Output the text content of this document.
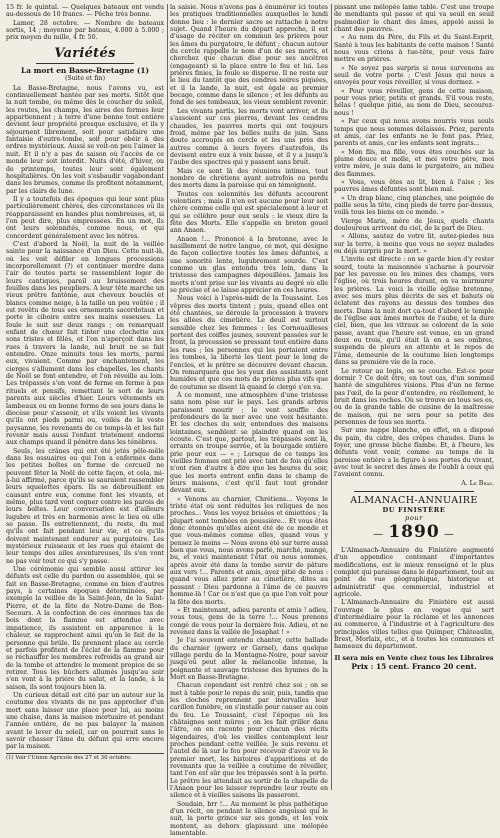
15 fr. le quintal. — Quelques bateaux ont vendu au-dessous de 10 francs. — Pêche très bonne.

Lamor, 28 octobre. — Nombre de bateaux sortis, 14 ; moyenne par bateau, 4.000 à 5.000 ; prix moyen du mille, 4 fr. 50.

Variétés
La mort en Basse-Bretagne (1)
(Suite et fin)

La Basse-Bretagne, nous l'avons vu, est continuellement hantée par ses morts. Sitôt que la nuit tombe, ou même dès le coucher du soleil, les routes, les champs, les aires des fermes leur appartiennent ; à terre d'une bonne tout entière devient leur propriété presque exclusive, et ils y séjournent librement, soit pour satisfaire une fantaisie d'outre-tombe, soit pour obéir à des ordres mystérieux. Aussi se voit-on peu l'aimer la nuit. Et il n'y a pas de saison où l'accès de ce monde leur soit interdit. Nuits d'été, d'hiver, ou de printemps, toutes leur sont également hospitalières. On les voit s'esbaudir vagabondant dans les brumes, comme ils profitent notamment, par les clairs de lune.

Il y a toutefois des époques qui leur sont plus particulièrement chères, des circonstances où ils réapparaissent en bandes plus nombreuses, et, si l'on peut dire, plus empressées. En un mot, ils ont leurs solennités, comme nous, et qui concordent généralement avec les nôtres.

C'est d'abord la Noël, la nuit de la veillée sainte pour la naissance d'un Dieu. Cette nuit-là, où les voit défiler en longues processions incorporellement (?) et continuer mordre dans l'air de toutes parts se rassemblent loger de leurs cantiques, pareil au bruissement des feuilles dans les peupliers. A leur tête marche un vieux prêtre fantôme, aux cheveux bouclés et blancs comme neige, à la taille un peu voûtée ; il est revêtu de tous ses ornements sacerdotaux et porte le ciboire entre ses mains osseuses. La foule le suit sur deux rangs ; on remarquait enfant de chœur fait tinter une clochette aux sons tristes et fêlés, et l'on n'aperçoit dans les rues à travers la lande, nul bruit ne se fait entendre. Onze minuits tous les morts, parmi eux, vivaient. Comme par enchantement, les cierges s'allument dans les chapelles, les chants de Noël se font entendre, et l'on réveille au loin. Les trépassés s'en vont de ferme en ferme à pas rituels et pensifs, remettant le sort de leurs parents aux siècles d'hier. Leurs vêtements en lambeaux ou en bonne forme de ses jours dans le diocèse pour s'asseoir, et s'ils voient les vivants qu'ils ont pieds parmi ou, voilés de la veste paysanne, les revenants de ce temps-là et les fait revenir mais aussi l'enfant tristement endormi aux champs quand il pénètre dans les ténèbres.

Seuls, les crânes qui ont été jetés pêle-mêle dans les ossuaires ou qui l'on a enfermés dans les petites boîtes en forme de cercueil ne peuvent fêter la Noël de cette façon, et cela, mi-à-lui affirmé, parce qu'ils se sauraient rassembler leurs squelettes épars. Ils se débrouillent en causant entre eux, comme font les vivants, et même, plus tard vont cogner contre les parois de leurs boîtes. Leur conversation est d'ailleurs lugubre et très en harmonie avec le lieu où elle se passe. Ils entretiennent, du reste, du mal qu'ils ont fait pendant leur vie, et ce qu'ils doivent maintenant endurer au purgatoire. Les mystérieux ruisseaux et les rues qui étaient de leur temps des ailes aventureuses, ils s'en vont ne pas voir tout ce qui s'y passe.

Une cérémonie qui semble aussi attirer les défunts est celle du pardon ou assemblée, qui se fait en Basse-Bretagne, comme en bien d'autres pays, à certaines époques déterminées, par exemple la veillée de la Saint-Jean, de la Saint-Pierre, et de la fête de Notre-Dame de Bon-Secours. A la confection de ces énormes tas de bois dont la flamme est attendue avec impatience, ils assistent en apparence à la chaleur, se rapprochent ainsi qu'on le fait de la personne qui brûle. Ils prennent place au cercle et parfois profitent de l'éclat de la flamme pour se réchauffer les membres refroidis au grand air de la tombe et attendre le moment propice de se retirer. Tous les bûchers allumés jusqu'au soir s'en vont à la prière du salut, et la lande, à la saison, ils sont toujours bien là.

Un curieux détail est cité par un auteur sur la coutume des vivants de ne pas approcher d'un mort sans laisser une place pour lui, au moins une chaise, dans la maison mortuaire et pendant l'année entière, de ne pas balayer la maison avant le lever du soleil, car on pourrait sans le savoir chasser l'âme du défunt qui erre encore par la maison.

(1) Voir l'Union Agricole des 27 et 30 octobre.

la saisie. Nous n'avons pas à énumérer ici toutes les pratiques traditionnelles auxquelles le lundi donne lieu : le dernier sacre se rattache à notre sujet. Quand l'heure du départ approche, il est d'usage de réciter en commun les prières pour les âmes du purgatoire, le défunt ; chacun autour du cercle rappelle le nom d'un de ses morts, et cherchez que chacun dise pour ses ancêtres (engageant) si la place entre le feu et lui. Les prières finies, la foule se disperse. Il ne reste sur le lieu du tantôt que des cendres noires piquées, et il la lande, la nuit, est égale au premier bocage, comme dans le silence ; et les défunts au fond de ses tombeaux, les vieux semblent revenir.

Les vivants partis, les morts vont arriver, et ils s'assoient sur ces pierres, devant les cendres chaudes, les pauvres morts qui ont toujours froid, même par les belles nuits de juin. Sans doute accroupis en cercle et les uns près des autres comme à leurs foyers d'autrefois, ils devisent entre eux à voix basse, et il y a jusqu'à l'aube des spectres qui y passent sans bruit.

Mais ce sont là des réunions intimes, tout nombre de chrétiens ayant autrefois ou perdu des morts dans la paroisse qui en témoignent.

Toutes ces solennités les défunts accourent volontiers ; mais il n'en est aucune pour leur soit chère comme celle qui est spécialement à leur et qui se célèbre pour eux seuls : le vieux dire la fête des Morts. Elle s'appelle en breton gouel ann Anaon.

Anaon !... Prononcé à la bretonne, avec le nasillement de notre langue, ce mot, qui désigne de façon collective toutes les âmes défuntes, a une sonorité lente, lugubrement sourde. C'est comme un glas entendu très loin, dans la tristesse des campagnes dépouillées. Jamais les morts n'ont prise sur les vivants au degré où elle se précise et se laisse apprécier en ces heures.

Nous voici à l'après-midi de la Toussaint. Les vêpres des morts tintent ; puis, quand elles ont été chantées, se déroule la procession à travers les allées du cimetière. Le deuil est surtout sensible chez les femmes : les Cornouailleses portent des coiffes jaunes, souvent passées sur le front, la procession se pressant tout entière dans les rues ; les personnes qui les portaient entre les tombes, la liberté les tient pour le long de l'enclos, et le prêtre se découvre devant chacun. On remarquera que les yeux des assistants sont humides et que ces mots de prières plus vifs que de coutume se disent là quand le clergé s'en va.

À ce moment, une atmosphère d'une tristesse sans nom pèse sur le pays. Les grands arbres paraissent mourir ; le vent souffle des profondeurs de la mer avec une voix hésitante. Et les cloches du soir, entendues des maisons lointaines, semblent se plaindre quand on les écoute. C'est que, partout, les trépassés sont là, errants en troupe serrée, et la bourgade entière prie pour eux — « ; Lorsque de ce temps les vieilles femmes ont prié avec tant de fois qu'elles n'ont rien d'autre à dire que les heures du soir, que les morts entrent enfin dans le champ de leurs maisons, c'est qu'il faut tout gronder devant eux.

« Venons au charnier, Chrétiens... Voyons le triste état où sont réduites les reliques de nos proches... Vous les voyez brisées et émiettées ; la plupart sont tombées en poussière... Et vous êtes donc étonnés qu'elles aient été de ce monde et que vous-mêmes comme elles, quand vous y pensez le moins — Nous avons été sur terre aussi bien que vous, nous avons parlé, marché, mangé, bu, et voici maintenant l'état où nous sommes, après avoir été dans la tombe servir de pâture aux vers !... Parents et amis, ayez pitié de nous : quand vous allez prier au cimetière, dites au passant : Dieu pardonne à l'âme de ce pauvre homme-là ! Car ce n'est que ça que l'on voit pour la fête des morts.

« Et maintenant, adieu parents et amis ! adieu, vous tous, gens de la terre !... Nous prenons congé de vous pour la dernière fois. Adieu, et ne revenez dans la vallée de Josaphat ! »

Je l'ai souvent entendu chanter, cette ballade du charnier (gwerz er Garnel), dans quelque village perdu de la Montagne-Noire, pour savoir jusqu'où peut aller la mélancolie intense, la poignante et sauvage tristesse des hymnes de la Mort en Basse-Bretagne.

Chacun cependant est rentré chez soi ; on se met à table pour le repas du soir, puis, tandis que les cloches reprennent par intervalles leur carillon funèbre, on s'installe pour causer au coin du feu. Le Toussaint, c'est l'époque où les châtaignes sont mûres ; on les fait griller dans l'âtre, on en raconte pour chacun des récits légendaires, d'où les vieilles contemplent leur proches pendant cette veillée. Je suis revenu et l'autel de là sur le feu pour recevoir d'avoir vu le premier mort, les histoires d'apparitions et de revenants que la veillée a coutume de réveiller, tant l'on est sûr que les trépassés sont à la porte. Le prêtre les attendait au sortir de la chapelle de l'Anaon pour les laisser reprendre leur route en silence et à vieilles saisons ils passeront.

Soudain, brr !... Au moment le plus pathétique d'un récit, on pendant le silence angoissé qui le suit, la porte grince sur ses gonds, et les voix montent, au dehors glapissant une mélopée lamentable.

pissant une mélopée lame table. C'est une troupe de mendiants qui passe et qui va seuil en seuil psalmodier le chant des âmes, appelé aussi le chant des pauvres.

« Au nom du Père, du Fils et du Saint-Esprit, Santé à tous les habitants de cette maison ! Santé nous vous crions à tue-tête, pour vous faire mettre en prières.

« Ne soyez pas surpris si nous survenons au seuil de votre porte ; C'est Jésus qui nous a envoyés pour vous réveiller, si vous dormez. »

« Pour vous réveiller, gens de cette maison, pour vous prier, petits et grands. S'il vous reste, hélas ! quelque pitié, au nom de Dieu, secourez-nous !

« Par ceux qui nous avons nourris vous seuls temps que nous sommes délaissés. Priez, parents et amis, car les enfants ne le font pas. Priez, parents et amis, car les enfants sont ingrats...

« Mon fils, ma fille, vous êtes couchés sur la plume douce et molle, et moi votre père, moi votre mère, je suis dans le purgatoire, au milieu des flammes.

« Vous, vous êtes au lit, bien à l'aise ; les pauvres âmes défuntes sont bien mal.

« Un drap blanc, cinq planches, une poignée de paille sous la tête, cinq pieds de terre par-dessus, voilà tous les biens en ce monde. »

Vierge Marie, mère de Jésus, quels chants douloureux arrivent du ciel, de la part de Dieu.

« Allons, sautez de votre lit, autez-piedes nus sur la terre, à moins que vous ne soyez malades ou déjà surpris par la mort. »

L'invite est directe : on se garde bien d'y rester sourd, toute la maisonnée s'acharne à pourvoir par les pavesse ou les mines des champs, vers l'église, où trois heures durant, on va murmurer les prières. La voici la vieille église bretonne, avec ses murs plus décrits de ses et bahuts où éclatent des rayons au dessus des tombes des morts. Dans la nuit dort ça-tout d'abord le temple de l'église aux âmes mortes de l'aube, et la dure ciel, bien, que les vitraux se colorent de la soie passe, avant que l'heure est venue, en un grand deux ou trois, qu'il était là en a ses ombres, suspendu de pleurs en attente et le repos de l'âme, demeurée de la coutume bien longtemps dans sa première vie de la race.

Le retour au logis, on se couche. Est-ce pour dormir ? Ce doit être, en tout cas, d'un sommeil hanté de singulières visions. Plus d'un ne ferme pas l'œil, de la peur d'entendre, ou réellement, le bruit dans les roches. Où se trouve en tous ses os, ou de la grande table de cuisine de la maîtresse de maison, qui ne sera pour sa petite des personnes de tous ses morts.

Sur une nappe blanche, en effet, on a disposé du pain, du cidre, des crêpes chaudes. Dans le foyer, une grosse bûche flambe. Et, à l'heure, les défunts vont venir, comme au temps de la paroisse entière a la figure à ses portes du vivant, avec tout le secret des âmes de l'oubli à ceux qui l'avaient connu.

A. Le Braz.
ALMANACH-ANNUAIRE
DU FINISTÈRE
pour
— 1890 —

L'Almanach-Annuaire du Finistère augmenté d'un appendice contenant d'importantes modifications, est le mieux renseigné et le plus complet qui paraisse dans le département, tout au point de vue géographique, historique et administratif que commercial, industriel et agricole.

L'Almanach-Annuaire du Finistère est aussi l'ouvrage le plus en vogue qui sert d'intermédiaire pour la réclame et les annonces au commerce, à l'industrie et à l'agriculture des principales villes telles que Quimper, Châteaulin, Brest, Morlaix, etc., et à toutes les communes et hameaux du département.

Il sera mis en Vente chez tous les Libraires
Prix : 15 cent. Franco 20 cent.
